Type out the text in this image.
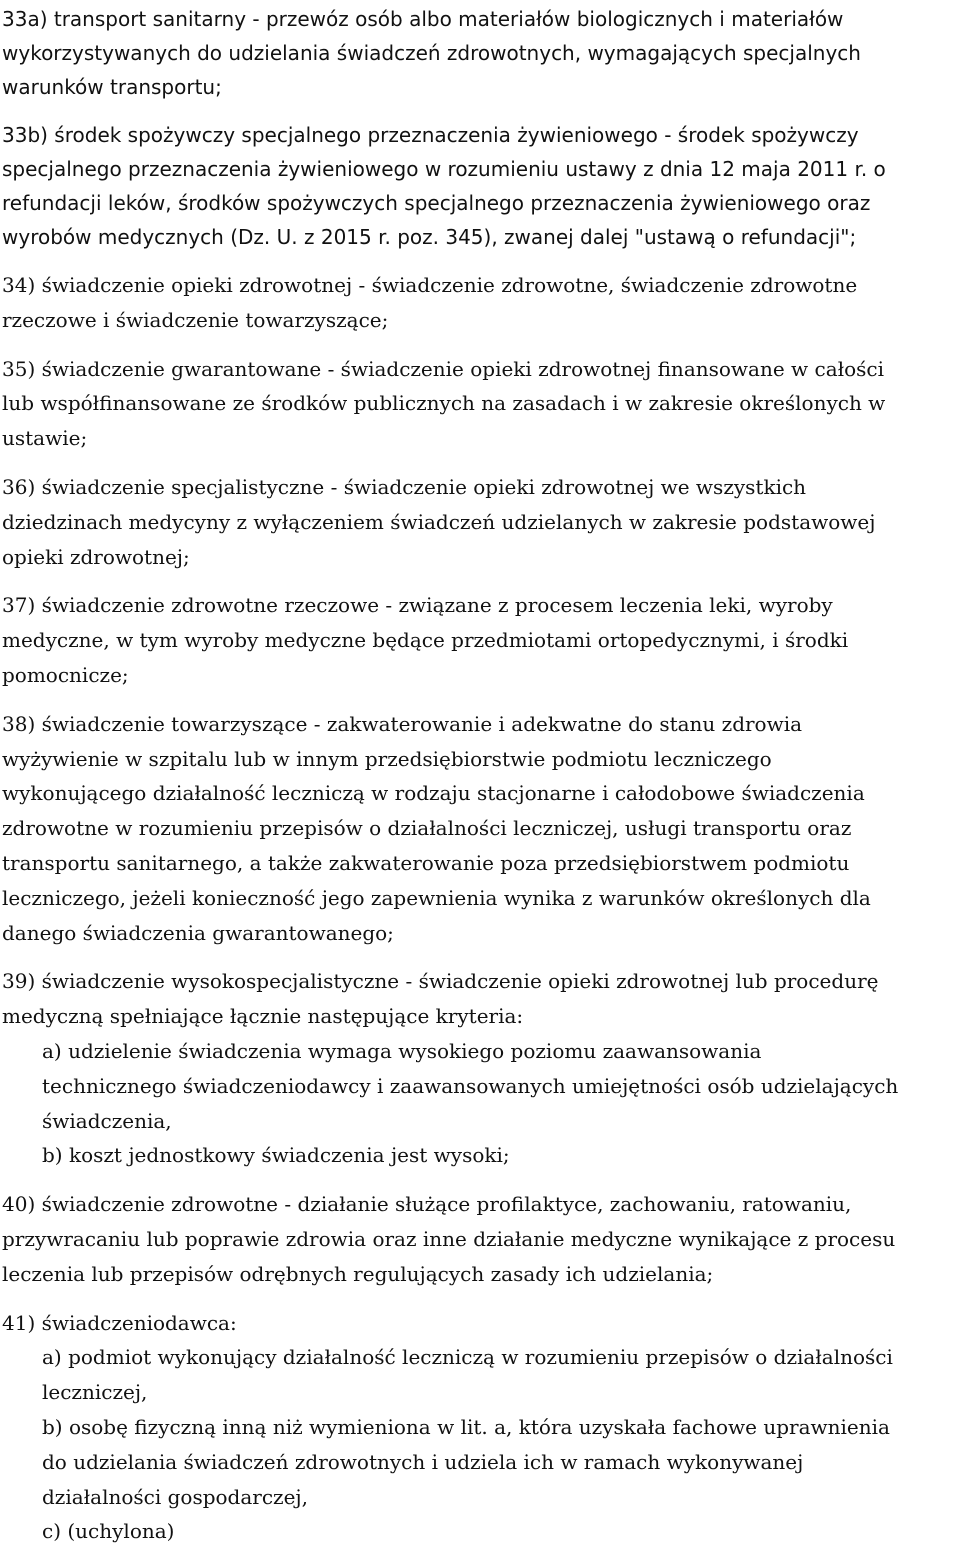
33a) transport sanitarny - przewóz osób albo materiałów biologicznych i materiałów
wykorzystywanych do udzielania świadczeń zdrowotnych, wymagających specjalnych
warunków transportu;
33b) środek spożywczy specjalnego przeznaczenia żywieniowego - środek spożywczy
specjalnego przeznaczenia żywieniowego w rozumieniu ustawy z dnia 12 maja 2011 r. o
refundacji leków, środków spożywczych specjalnego przeznaczenia żywieniowego oraz
wyrobów medycznych (Dz. U. z 2015 r. poz. 345), zwanej dalej "ustawą o refundacji";
34) świadczenie opieki zdrowotnej - świadczenie zdrowotne, świadczenie zdrowotne
rzeczowe i świadczenie towarzyszące;
35) świadczenie gwarantowane - świadczenie opieki zdrowotnej finansowane w całości
lub współfinansowane ze środków publicznych na zasadach i w zakresie określonych w
ustawie;
36) świadczenie specjalistyczne - świadczenie opieki zdrowotnej we wszystkich
dziedzinach medycyny z wyłączeniem świadczeń udzielanych w zakresie podstawowej
opieki zdrowotnej;
37) świadczenie zdrowotne rzeczowe - związane z procesem leczenia leki, wyroby
medyczne, w tym wyroby medyczne będące przedmiotami ortopedycznymi, i środki
pomocnicze;
38) świadczenie towarzyszące - zakwaterowanie i adekwatne do stanu zdrowia
wyżywienie w szpitalu lub w innym przedsiębiorstwie podmiotu leczniczego
wykonującego działalność leczniczą w rodzaju stacjonarne i całodobowe świadczenia
zdrowotne w rozumieniu przepisów o działalności leczniczej, usługi transportu oraz
transportu sanitarnego, a także zakwaterowanie poza przedsiębiorstwem podmiotu
leczniczego, jeżeli konieczność jego zapewnienia wynika z warunków określonych dla
danego świadczenia gwarantowanego;
39) świadczenie wysokospecjalistyczne - świadczenie opieki zdrowotnej lub procedurę
medyczną spełniające łącznie następujące kryteria:
a) udzielenie świadczenia wymaga wysokiego poziomu zaawansowania
technicznego świadczeniodawcy i zaawansowanych umiejętności osób udzielających
świadczenia,
b) koszt jednostkowy świadczenia jest wysoki;
40) świadczenie zdrowotne - działanie służące profilaktyce, zachowaniu, ratowaniu,
przywracaniu lub poprawie zdrowia oraz inne działanie medyczne wynikające z procesu
leczenia lub przepisów odrębnych regulujących zasady ich udzielania;
41) świadczeniodawca:
a) podmiot wykonujący działalność leczniczą w rozumieniu przepisów o działalności
leczniczej,
b) osobę fizyczną inną niż wymieniona w lit. a, która uzyskała fachowe uprawnienia
do udzielania świadczeń zdrowotnych i udziela ich w ramach wykonywanej
działalności gospodarczej,
c) (uchylona)
